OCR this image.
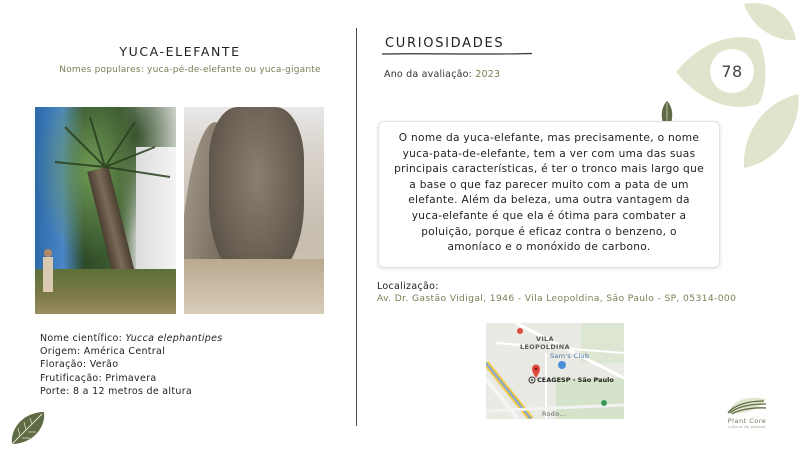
YUCA-ELEFANTE
Nomes populares: yuca-pé-de-elefante ou yuca-gigante
Nome científico: Yucca elephantipes
Origem: América Central
Floração: Verão
Frutificação: Primavera
Porte: 8 a 12 metros de altura
CURIOSIDADES
Ano da avaliação: 2023
O nome da yuca-elefante, mas precisamente, o nome yuca-pata-de-elefante, tem a ver com uma das suas principais características, é ter o tronco mais largo que a base o que faz parecer muito com a pata de um elefante. Além da beleza, uma outra vantagem da yuca-elefante é que ela é ótima para combater a poluição, porque é eficaz contra o benzeno, o amoníaco e o monóxido de carbono.
Localização:
Av. Dr. Gastão Vidigal, 1946 - Vila Leopoldina, São Paulo - SP, 05314-000
VILA
LEOPOLDINA
Sam's Club
CEAGESP - São Paulo
Rodo...
78
Plant Core
cultura de plantas
